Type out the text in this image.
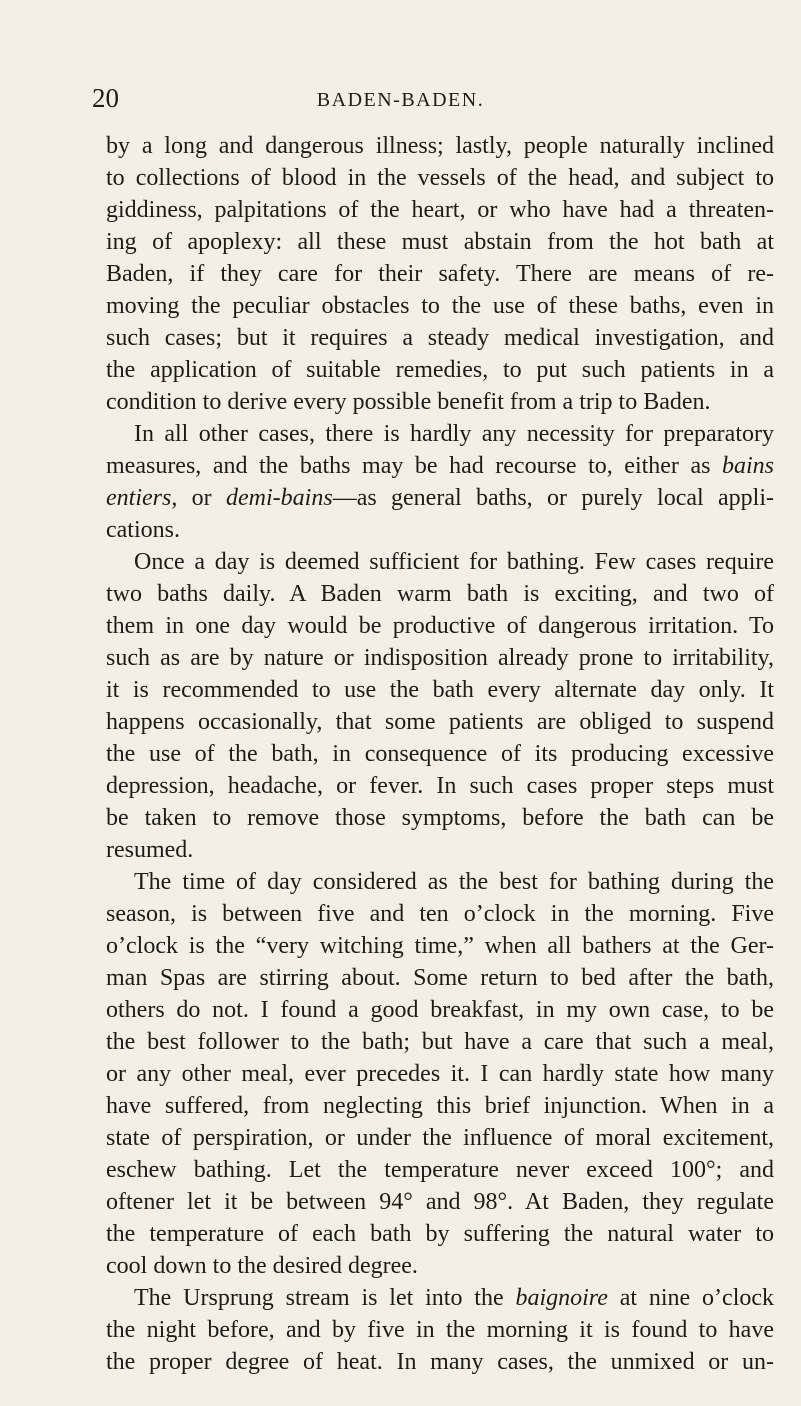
20	BADEN-BADEN.
by a long and dangerous illness; lastly, people naturally inclined
to collections of blood in the vessels of the head, and subject to
giddiness, palpitations of the heart, or who have had a threaten-
ing of apoplexy: all these must abstain from the hot bath at
Baden, if they care for their safety. There are means of re-
moving the peculiar obstacles to the use of these baths, even in
such cases; but it requires a steady medical investigation, and
the application of suitable remedies, to put such patients in a
condition to derive every possible benefit from a trip to Baden.
In all other cases, there is hardly any necessity for preparatory
measures, and the baths may be had recourse to, either as bains
entiers, or demi-bains—as general baths, or purely local appli-
cations.
Once a day is deemed sufficient for bathing. Few cases require
two baths daily. A Baden warm bath is exciting, and two of
them in one day would be productive of dangerous irritation. To
such as are by nature or indisposition already prone to irritability,
it is recommended to use the bath every alternate day only. It
happens occasionally, that some patients are obliged to suspend
the use of the bath, in consequence of its producing excessive
depression, headache, or fever. In such cases proper steps must
be taken to remove those symptoms, before the bath can be
resumed.
The time of day considered as the best for bathing during the
season, is between five and ten o’clock in the morning. Five
o’clock is the “very witching time,” when all bathers at the Ger-
man Spas are stirring about. Some return to bed after the bath,
others do not. I found a good breakfast, in my own case, to be
the best follower to the bath; but have a care that such a meal,
or any other meal, ever precedes it. I can hardly state how many
have suffered, from neglecting this brief injunction. When in a
state of perspiration, or under the influence of moral excitement,
eschew bathing. Let the temperature never exceed 100°; and
oftener let it be between 94° and 98°. At Baden, they regulate
the temperature of each bath by suffering the natural water to
cool down to the desired degree.
The Ursprung stream is let into the baignoire at nine o’clock
the night before, and by five in the morning it is found to have
the proper degree of heat. In many cases, the unmixed or un-
